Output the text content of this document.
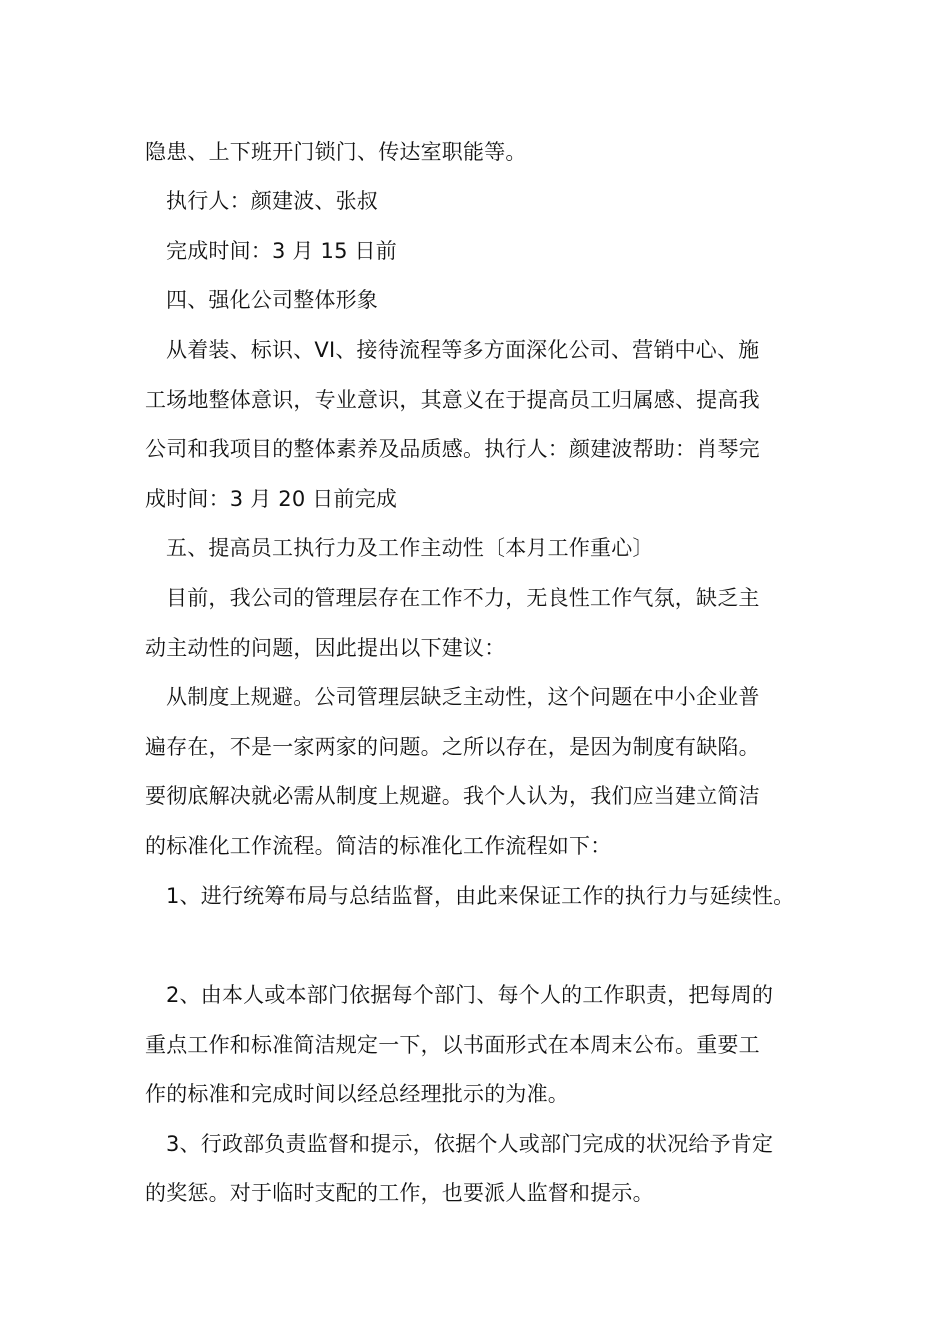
隐患、上下班开门锁门、传达室职能等。
执行人：颜建波、张叔
完成时间：3 月 15 日前
四、强化公司整体形象
从着装、标识、VI、接待流程等多方面深化公司、营销中心、施
工场地整体意识，专业意识，其意义在于提高员工归属感、提高我
公司和我项目的整体素养及品质感。执行人：颜建波帮助：肖琴完
成时间：3 月 20 日前完成
五、提高员工执行力及工作主动性〔本月工作重心〕
目前，我公司的管理层存在工作不力，无良性工作气氛，缺乏主
动主动性的问题，因此提出以下建议：
从制度上规避。公司管理层缺乏主动性，这个问题在中小企业普
遍存在，不是一家两家的问题。之所以存在，是因为制度有缺陷。
要彻底解决就必需从制度上规避。我个人认为，我们应当建立简洁
的标准化工作流程。简洁的标准化工作流程如下：
1、进行统筹布局与总结监督，由此来保证工作的执行力与延续性。
2、由本人或本部门依据每个部门、每个人的工作职责，把每周的
重点工作和标准简洁规定一下，以书面形式在本周末公布。重要工
作的标准和完成时间以经总经理批示的为准。
3、行政部负责监督和提示，依据个人或部门完成的状况给予肯定
的奖惩。对于临时支配的工作，也要派人监督和提示。
